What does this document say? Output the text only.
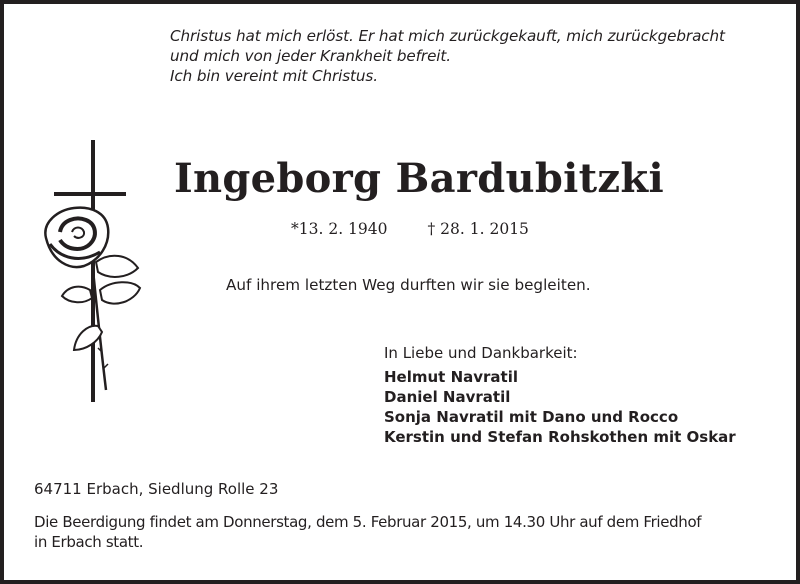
Christus hat mich erlöst. Er hat mich zurückgekauft, mich zurückgebracht
und mich von jeder Krankheit befreit.
Ich bin vereint mit Christus.
Ingeborg Bardubitzki
*13. 2. 1940	† 28. 1. 2015
Auf ihrem letzten Weg durften wir sie begleiten.
In Liebe und Dankbarkeit:
Helmut Navratil
Daniel Navratil
Sonja Navratil mit Dano und Rocco
Kerstin und Stefan Rohskothen mit Oskar
64711 Erbach, Siedlung Rolle 23
Die Beerdigung findet am Donnerstag, dem 5. Februar 2015, um 14.30 Uhr auf dem Friedhof
in Erbach statt.
